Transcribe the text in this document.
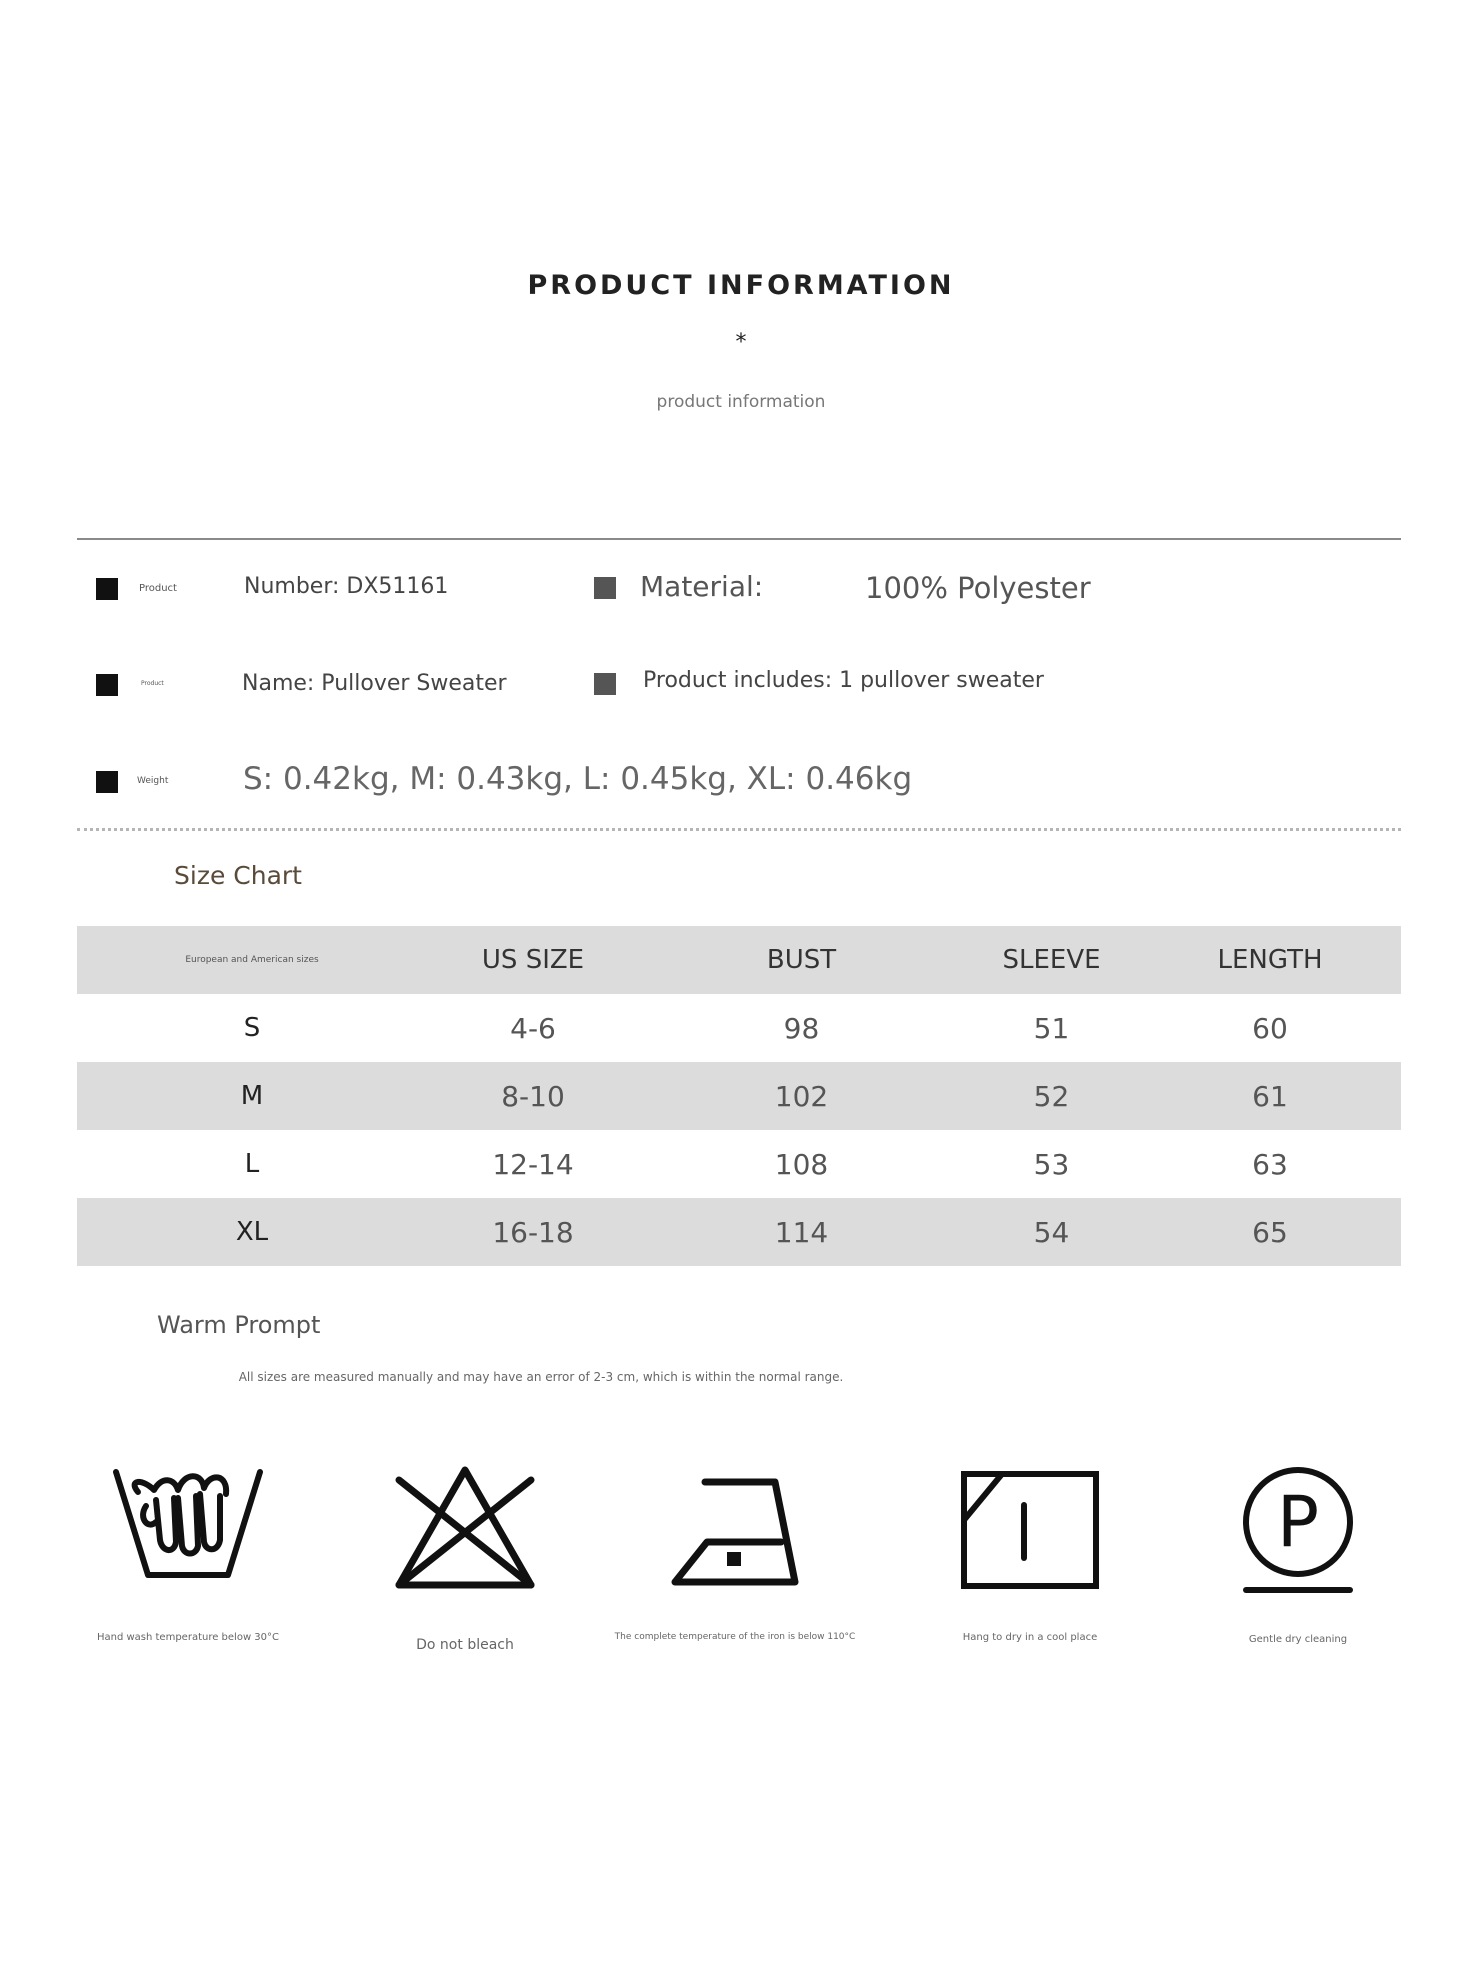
PRODUCT INFORMATION
*
product information
Product	Number: DX51161	Material:	100% Polyester
Product	Name: Pullover Sweater	Product includes: 1 pullover sweater
Weight S: 0.42kg, M: 0.43kg, L: 0.45kg, XL: 0.46kg
Size Chart
European and American sizes	US SIZE	BUST	SLEEVE	LENGTH
S	4-6	98	51	60
M	8-10	102	52	61
L	12-14	108	53	63
XL	16-18	114	54	65
Warm Prompt
All sizes are measured manually and may have an error of 2-3 cm, which is within the normal range.
Hand wash temperature below 30°C	Do not bleach	The complete temperature of the iron is below 110°C	Hang to dry in a cool place
P
Gentle dry cleaning
